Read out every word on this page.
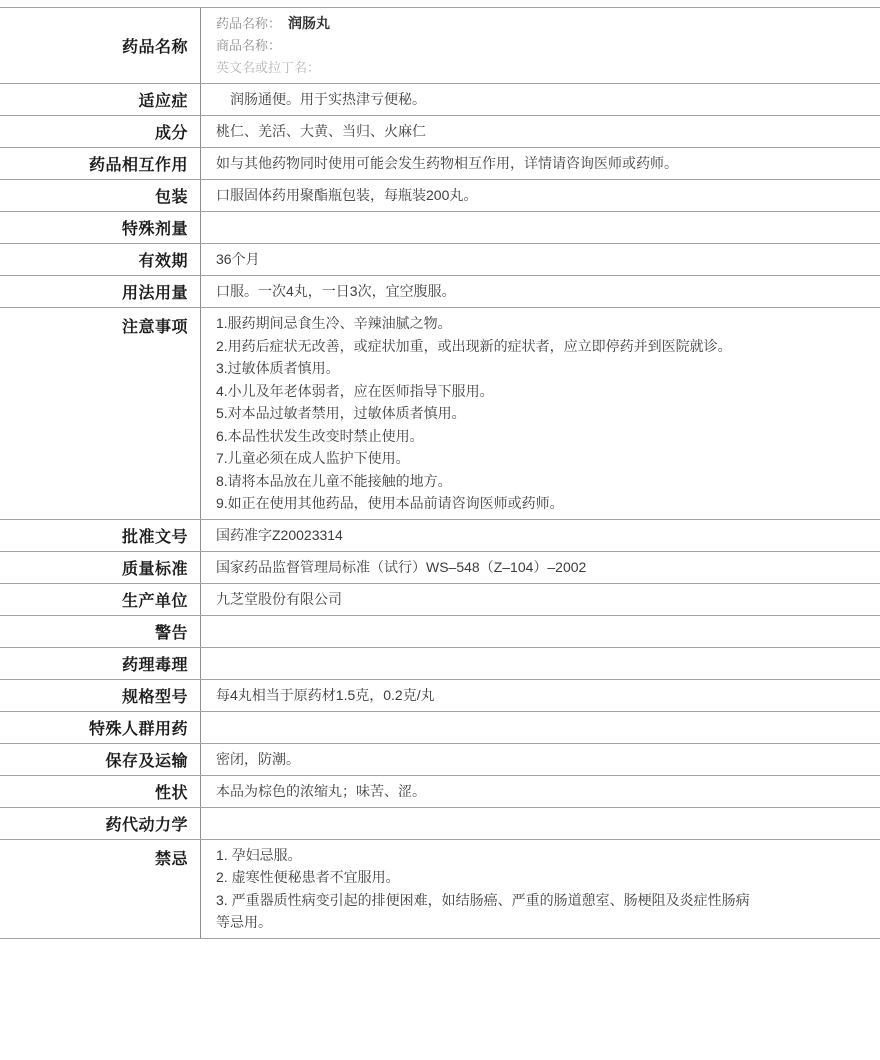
药品名称
药品名称： 润肠丸
商品名称：
英文名或拉丁名：
适应症	　润肠通便。用于实热津亏便秘。
成分	桃仁、羌活、大黄、当归、火麻仁
药品相互作用	如与其他药物同时使用可能会发生药物相互作用，详情请咨询医师或药师。
包装	口服固体药用聚酯瓶包装，每瓶装200丸。
特殊剂量
有效期	36个月
用法用量	口服。一次4丸，一日3次，宜空腹服。
注意事项	1.服药期间忌食生冷、辛辣油腻之物。
2.用药后症状无改善，或症状加重，或出现新的症状者，应立即停药并到医院就诊。
3.过敏体质者慎用。
4.小儿及年老体弱者，应在医师指导下服用。
5.对本品过敏者禁用，过敏体质者慎用。
6.本品性状发生改变时禁止使用。
7.儿童必须在成人监护下使用。
8.请将本品放在儿童不能接触的地方。
9.如正在使用其他药品，使用本品前请咨询医师或药师。
批准文号	国药准字Z20023314
质量标准	国家药品监督管理局标准（试行）WS–548（Z–104）–2002
生产单位	九芝堂股份有限公司
警告
药理毒理
规格型号	每4丸相当于原药材1.5克，0.2克/丸
特殊人群用药
保存及运输	密闭，防潮。
性状	本品为棕色的浓缩丸；味苦、涩。
药代动力学
禁忌	1. 孕妇忌服。
2. 虚寒性便秘患者不宜服用。
3. 严重器质性病变引起的排便困难，如结肠癌、严重的肠道憩室、肠梗阻及炎症性肠病
等忌用。
